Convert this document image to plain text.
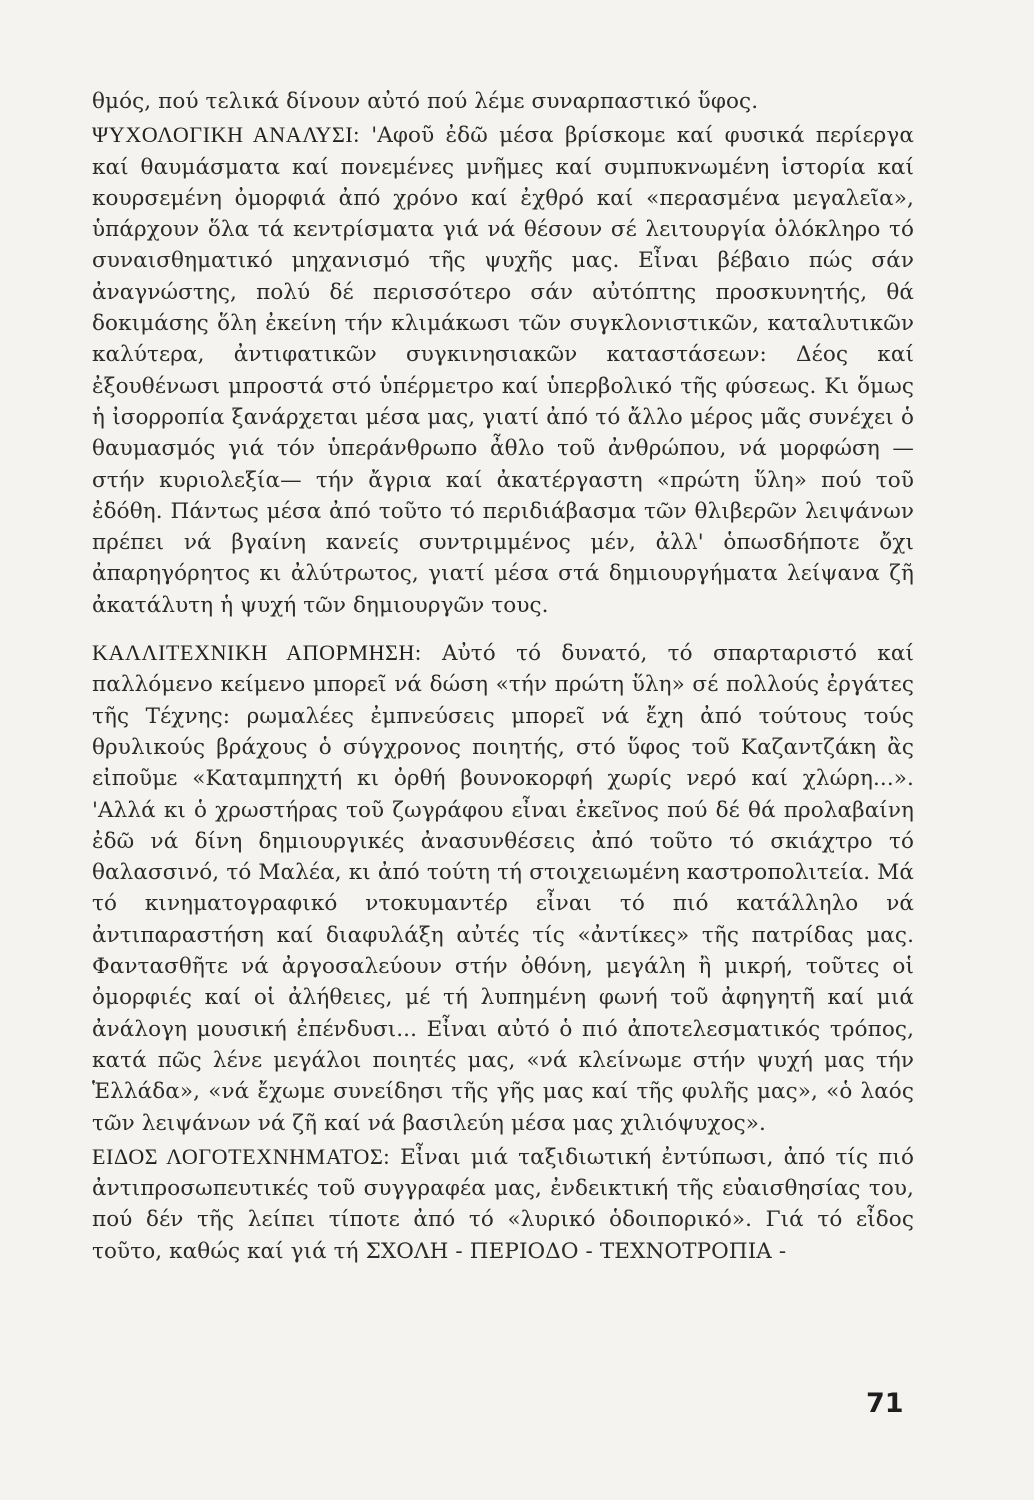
θμός, πού τελικά δίνουν αὐτό πού λέμε συναρπαστικό ὕφος.

ΨΥΧΟΛΟΓΙΚΗ ΑΝΑΛΥΣΙ: 'Αφοῦ ἐδῶ μέσα βρίσκομε καί φυσικά περίεργα καί θαυμάσματα καί πονεμένες μνῆμες καί συμπυκνωμένη ἱστορία καί κουρσεμένη ὀμορφιά ἀπό χρόνο καί ἐχθρό καί «περασμένα μεγαλεῖα», ὑπάρχουν ὅλα τά κεντρίσματα γιά νά θέσουν σέ λειτουργία ὁλόκληρο τό συναισθηματικό μηχανισμό τῆς ψυχῆς μας. Εἶναι βέβαιο πώς σάν ἀναγνώστης, πολύ δέ περισσότερο σάν αὐτόπτης προσκυνητής, θά δοκιμάσης ὅλη ἐκείνη τήν κλιμάκωσι τῶν συγκλονιστικῶν, καταλυτικῶν καλύτερα, ἀντιφατικῶν συγκινησιακῶν καταστάσεων: Δέος καί ἐξουθένωσι μπροστά στό ὑπέρμετρο καί ὑπερβολικό τῆς φύσεως. Κι ὅμως ἡ ἰσορροπία ξανάρχεται μέσα μας, γιατί ἀπό τό ἄλλο μέρος μᾶς συνέχει ὁ θαυμασμός γιά τόν ὑπεράνθρωπο ἆθλο τοῦ ἀνθρώπου, νά μορφώση —στήν κυριολεξία— τήν ἄγρια καί ἀκατέργαστη «πρώτη ὕλη» πού τοῦ ἐδόθη. Πάντως μέσα ἀπό τοῦτο τό περιδιάβασμα τῶν θλιβερῶν λειψάνων πρέπει νά βγαίνη κανείς συντριμμένος μέν, ἀλλ' ὁπωσδήποτε ὄχι ἀπαρηγόρητος κι ἀλύτρωτος, γιατί μέσα στά δημιουργήματα λείψανα ζῆ ἀκατάλυτη ἡ ψυχή τῶν δημιουργῶν τους.

ΚΑΛΛΙΤΕΧΝΙΚΗ ΑΠΟΡΜΗΣΗ: Αὐτό τό δυνατό, τό σπαρταριστό καί παλλόμενο κείμενο μπορεῖ νά δώση «τήν πρώτη ὕλη» σέ πολλούς ἐργάτες τῆς Τέχνης: ρωμαλέες ἐμπνεύσεις μπορεῖ νά ἔχη ἀπό τούτους τούς θρυλικούς βράχους ὁ σύγχρονος ποιητής, στό ὕφος τοῦ Καζαντζάκη ἂς εἰποῦμε «Καταμπηχτή κι ὀρθή βουνοκορφή χωρίς νερό καί χλώρη...». 'Αλλά κι ὁ χρωστήρας τοῦ ζωγράφου εἶναι ἐκεῖνος πού δέ θά προλαβαίνη ἐδῶ νά δίνη δημιουργικές ἀνασυνθέσεις ἀπό τοῦτο τό σκιάχτρο τό θαλασσινό, τό Μαλέα, κι ἀπό τούτη τή στοιχειωμένη καστροπολιτεία. Μά τό κινηματογραφικό ντοκυμαντέρ εἶναι τό πιό κατάλληλο νά ἀντιπαραστήση καί διαφυλάξη αὐτές τίς «ἀντίκες» τῆς πατρίδας μας. Φαντασθῆτε νά ἀργοσαλεύουν στήν ὀθόνη, μεγάλη ἢ μικρή, τοῦτες οἱ ὀμορφιές καί οἱ ἀλήθειες, μέ τή λυπημένη φωνή τοῦ ἀφηγητῆ καί μιά ἀνάλογη μουσική ἐπένδυσι... Εἶναι αὐτό ὁ πιό ἀποτελεσματικός τρόπος, κατά πῶς λένε μεγάλοι ποιητές μας, «νά κλείνωμε στήν ψυχή μας τήν Ἑλλάδα», «νά ἔχωμε συνείδησι τῆς γῆς μας καί τῆς φυλῆς μας», «ὁ λαός τῶν λειψάνων νά ζῆ καί νά βασιλεύη μέσα μας χιλιόψυχος».

ΕΙΔΟΣ ΛΟΓΟΤΕΧΝΗΜΑΤΟΣ: Εἶναι μιά ταξιδιωτική ἐντύπωσι, ἀπό τίς πιό ἀντιπροσωπευτικές τοῦ συγγραφέα μας, ἐνδεικτική τῆς εὐαισθησίας του, πού δέν τῆς λείπει τίποτε ἀπό τό «λυρικό ὁδοιπορικό». Γιά τό εἶδος τοῦτο, καθώς καί γιά τή ΣΧΟΛΗ - ΠΕΡΙΟΔΟ - ΤΕΧΝΟΤΡΟΠΙΑ -

71
